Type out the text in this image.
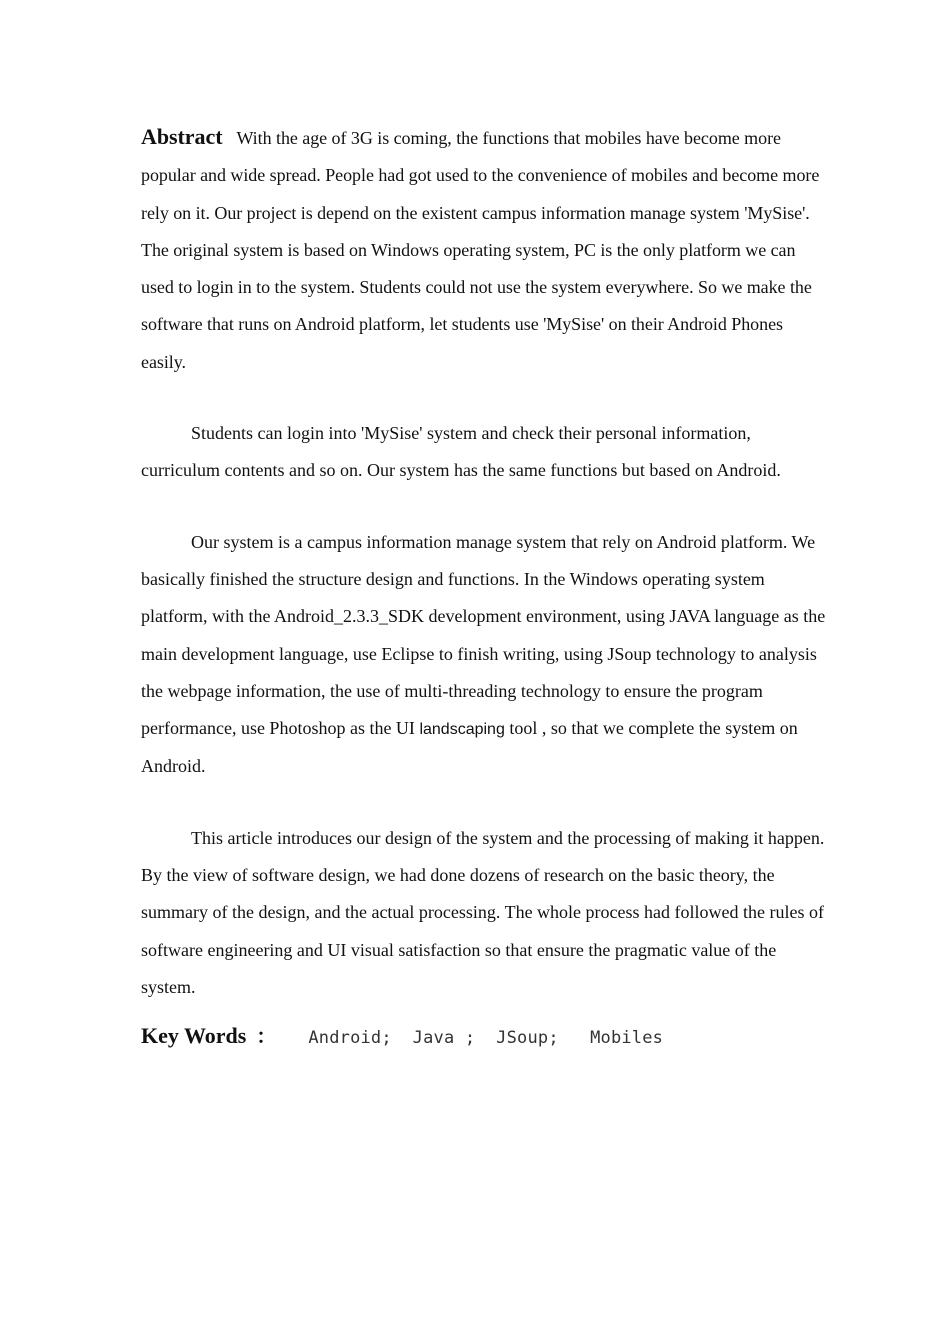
Abstract With the age of 3G is coming, the functions that mobiles have become more popular and wide spread. People had got used to the convenience of mobiles and become more rely on it. Our project is depend on the existent campus information manage system 'MySise'. The original system is based on Windows operating system, PC is the only platform we can used to login in to the system. Students could not use the system everywhere. So we make the software that runs on Android platform, let students use 'MySise' on their Android Phones easily.

Students can login into 'MySise' system and check their personal information, curriculum contents and so on. Our system has the same functions but based on Android.

Our system is a campus information manage system that rely on Android platform. We basically finished the structure design and functions. In the Windows operating system platform, with the Android_2.3.3_SDK development environment, using JAVA language as the main development language, use Eclipse to finish writing, using JSoup technology to analysis the webpage information, the use of multi-threading technology to ensure the program performance, use Photoshop as the UI landscaping tool , so that we complete the system on Android.

This article introduces our design of the system and the processing of making it happen. By the view of software design, we had done dozens of research on the basic theory, the summary of the design, and the actual processing. The whole process had followed the rules of software engineering and UI visual satisfaction so that ensure the pragmatic value of the system.

Key Words ： Android;  Java ;  JSoup;   Mobiles
